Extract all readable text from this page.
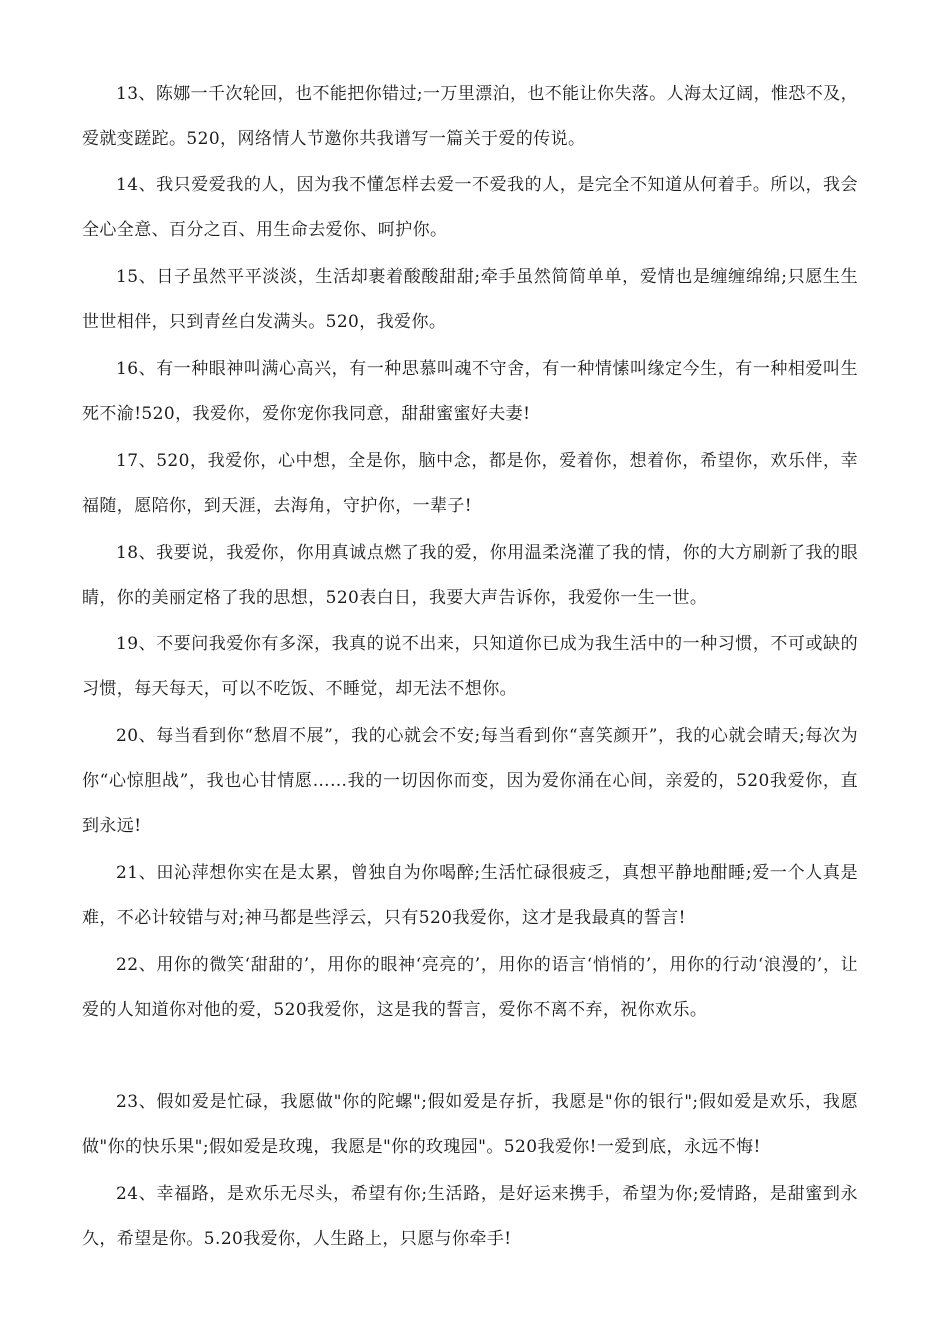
13、陈娜一千次轮回，也不能把你错过;一万里漂泊，也不能让你失落。人海太辽阔，惟恐不及，爱就变蹉跎。520，网络情人节邀你共我谱写一篇关于爱的传说。

14、我只爱爱我的人，因为我不懂怎样去爱一不爱我的人，是完全不知道从何着手。所以，我会全心全意、百分之百、用生命去爱你、呵护你。

15、日子虽然平平淡淡，生活却裹着酸酸甜甜;牵手虽然简简单单，爱情也是缠缠绵绵;只愿生生世世相伴，只到青丝白发满头。520，我爱你。

16、有一种眼神叫满心高兴，有一种思慕叫魂不守舍，有一种情愫叫缘定今生，有一种相爱叫生死不渝!520，我爱你，爱你宠你我同意，甜甜蜜蜜好夫妻!

17、520，我爱你，心中想，全是你，脑中念，都是你，爱着你，想着你，希望你，欢乐伴，幸福随，愿陪你，到天涯，去海角，守护你，一辈子!

18、我要说，我爱你，你用真诚点燃了我的爱，你用温柔浇灌了我的情，你的大方刷新了我的眼睛，你的美丽定格了我的思想，520表白日，我要大声告诉你，我爱你一生一世。

19、不要问我爱你有多深，我真的说不出来，只知道你已成为我生活中的一种习惯，不可或缺的习惯，每天每天，可以不吃饭、不睡觉，却无法不想你。

20、每当看到你“愁眉不展”，我的心就会不安;每当看到你“喜笑颜开”，我的心就会晴天;每次为你“心惊胆战”，我也心甘情愿……我的一切因你而变，因为爱你涌在心间，亲爱的，520我爱你，直到永远!

21、田沁萍想你实在是太累，曾独自为你喝醉;生活忙碌很疲乏，真想平静地酣睡;爱一个人真是难，不必计较错与对;神马都是些浮云，只有520我爱你，这才是我最真的誓言!

22、用你的微笑‘甜甜的’，用你的眼神‘亮亮的’，用你的语言‘悄悄的’，用你的行动‘浪漫的’，让爱的人知道你对他的爱，520我爱你，这是我的誓言，爱你不离不弃，祝你欢乐。

23、假如爱是忙碌，我愿做"你的陀螺";假如爱是存折，我愿是"你的银行";假如爱是欢乐，我愿做"你的快乐果";假如爱是玫瑰，我愿是"你的玫瑰园"。520我爱你!一爱到底，永远不悔!

24、幸福路，是欢乐无尽头，希望有你;生活路，是好运来携手，希望为你;爱情路，是甜蜜到永久，希望是你。5.20我爱你，人生路上，只愿与你牵手!
